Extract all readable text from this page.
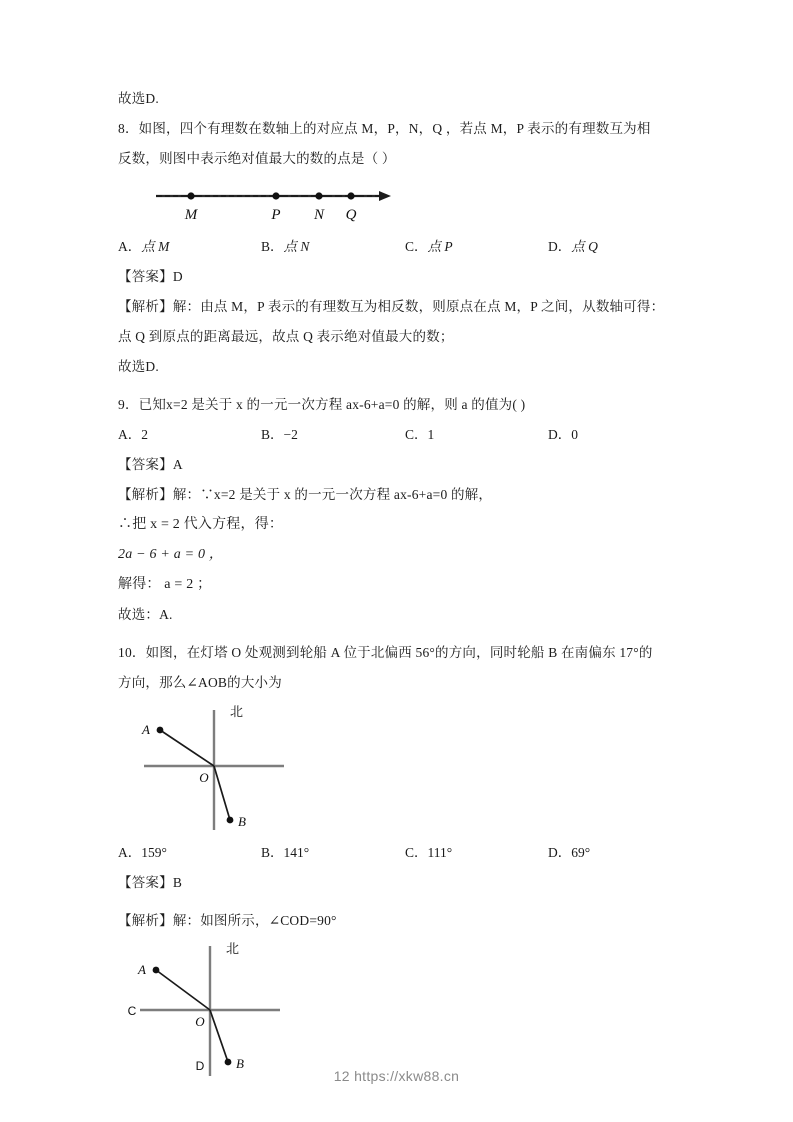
故选D.
8．如图，四个有理数在数轴上的对应点 M，P，N，Q ，若点 M，P 表示的有理数互为相
反数，则图中表示绝对值最大的数的点是（ ）
M	P N Q
A．点 M	B．点 N	C．点 P	D．点 Q
【答案】D
【解析】解：由点 M，P 表示的有理数互为相反数，则原点在点 M，P 之间，从数轴可得：
点 Q 到原点的距离最远，故点 Q 表示绝对值最大的数；
故选D.
9．已知x=2 是关于 x 的一元一次方程 ax-6+a=0 的解，则 a 的值为( )
A．2	B．−2	C．1	D．0
【答案】A
【解析】解：∵x=2 是关于 x 的一元一次方程 ax-6+a=0 的解，
∴把 x = 2 代入方程，得：
2a − 6 + a = 0 ，
解得： a = 2 ；
故选：A.
10．如图，在灯塔 O 处观测到轮船 A 位于北偏西 56°的方向，同时轮船 B 在南偏东 17°的
方向，那么∠AOB的大小为
A
B
O
北
A．159°	B．141°	C．111°	D．69°
【答案】B
【解析】解：如图所示，∠COD=90°
A
B
O
北
C
D
12 https://xkw88.cn
